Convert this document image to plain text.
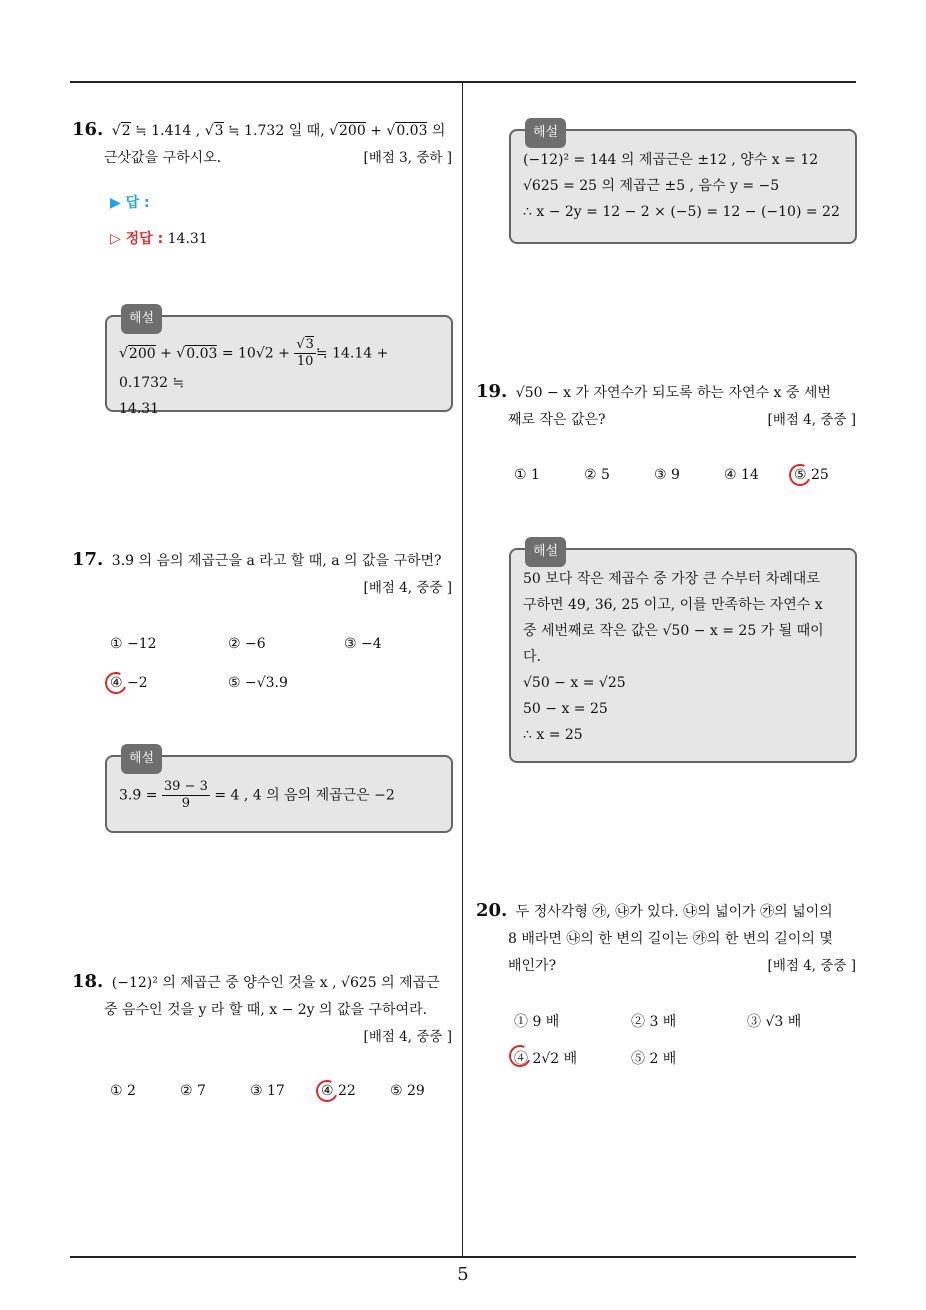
16. √2 ≒ 1.414 , √3 ≒ 1.732 일 때, √200 + √0.03 의
근삿값을 구하시오.	[배점 3, 중하 ]
▶ 답 :
▷ 정답 : 14.31
해설
$√200 + √0.03 = 10√2 + \frac{√3}{10}$ ≒ 14.14 + 0.1732 ≒
14.31
17. 3.9̇ 의 음의 제곱근을 a 라고 할 때, a 의 값을 구하면?
[배점 4, 중중 ]
① −12	② −6	③ −4
④ −2	⑤ −√3.9
해설
3.9̇ = $\frac{39 - 3}{9} = 4$ , 4 의 음의 제곱근은 −2
18. (−12)² 의 제곱근 중 양수인 것을 x , √625 의 제곱근
중 음수인 것을 y 라 할 때, x − 2y 의 값을 구하여라.
[배점 4, 중중 ]
① 2	② 7	③ 17	④ 22 ⑤ 29
해설
(−12)² = 144 의 제곱근은 ±12 , 양수 x = 12
√625 = 25 의 제곱근 ±5 , 음수 y = −5
∴ x − 2y = 12 − 2 × (−5) = 12 − (−10) = 22
19. √50 − x 가 자연수가 되도록 하는 자연수 x 중 세번
째로 작은 값은?	[배점 4, 중중 ]
① 1	② 5	③ 9	④ 14	⑤ 25
해설
50 보다 작은 제곱수 중 가장 큰 수부터 차례대로
구하면 49, 36, 25 이고, 이를 만족하는 자연수 x
중 세번째로 작은 값은 √50 − x = 25 가 될 때이
다.
√50 − x = √25
50 − x = 25
∴ x = 25
20. 두 정사각형 ㉮, ㉯가 있다. ㉯의 넓이가 ㉮의 넓이의
8 배라면 ㉯의 한 변의 길이는 ㉮의 한 변의 길이의 몇
배인가?	[배점 4, 중중 ]
① 9 배	② 3 배	③ √3 배
④ 2√2 배	⑤ 2 배
5
